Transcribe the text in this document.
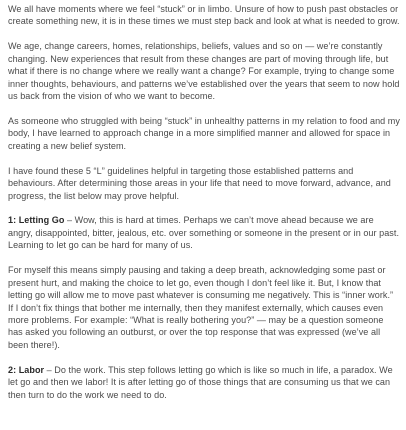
We all have moments where we feel “stuck” or in limbo. Unsure of how to push past obstacles or create something new, it is in these times we must step back and look at what is needed to grow.

We age, change careers, homes, relationships, beliefs, values and so on — we’re constantly changing. New experiences that result from these changes are part of moving through life, but what if there is no change where we really want a change? For example, trying to change some inner thoughts, behaviours, and patterns we’ve established over the years that seem to now hold us back from the vision of who we want to become.

As someone who struggled with being “stuck” in unhealthy patterns in my relation to food and my body, I have learned to approach change in a more simplified manner and allowed for space in creating a new belief system.

I have found these 5 “L” guidelines helpful in targeting those established patterns and behaviours. After determining those areas in your life that need to move forward, advance, and progress, the list below may prove helpful.

1: Letting Go – Wow, this is hard at times. Perhaps we can’t move ahead because we are angry, disappointed, bitter, jealous, etc. over something or someone in the present or in our past. Learning to let go can be hard for many of us.

For myself this means simply pausing and taking a deep breath, acknowledging some past or present hurt, and making the choice to let go, even though I don’t feel like it. But, I know that letting go will allow me to move past whatever is consuming me negatively. This is “inner work.” If I don’t fix things that bother me internally, then they manifest externally, which causes even more problems. For example: “What is really bothering you?” — may be a question someone has asked you following an outburst, or over the top response that was expressed (we’ve all been there!).

2: Labor – Do the work. This step follows letting go which is like so much in life, a paradox. We let go and then we labor! It is after letting go of those things that are consuming us that we can then turn to do the work we need to do.
